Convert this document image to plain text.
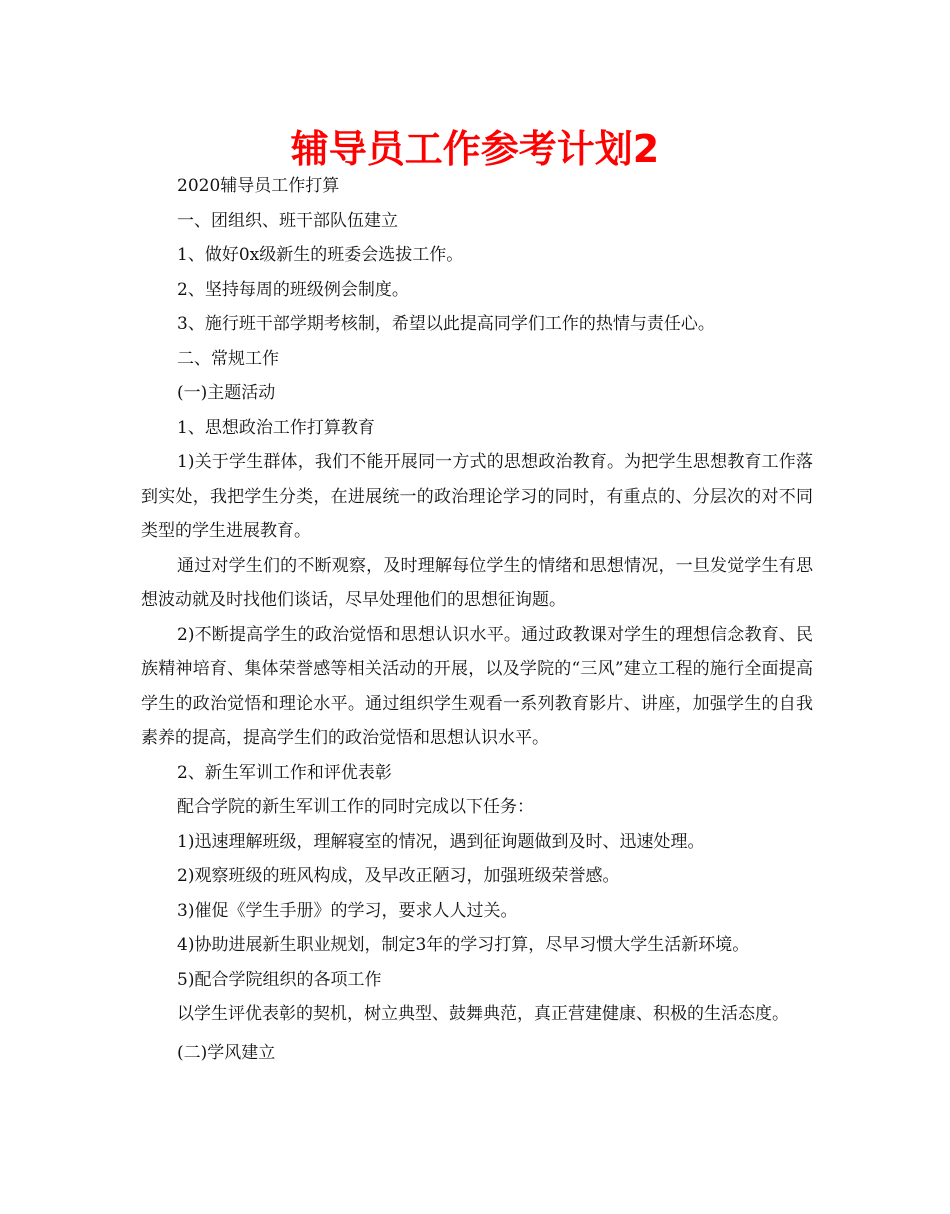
辅导员工作参考计划2

2020辅导员工作打算

一、团组织、班干部队伍建立

1、做好0x级新生的班委会选拔工作。

2、坚持每周的班级例会制度。

3、施行班干部学期考核制，希望以此提高同学们工作的热情与责任心。

二、常规工作

(一)主题活动

1、思想政治工作打算教育

1)关于学生群体，我们不能开展同一方式的思想政治教育。为把学生思想教育工作落到实处，我把学生分类，在进展统一的政治理论学习的同时，有重点的、分层次的对不同类型的学生进展教育。

通过对学生们的不断观察，及时理解每位学生的情绪和思想情况，一旦发觉学生有思想波动就及时找他们谈话，尽早处理他们的思想征询题。

2)不断提高学生的政治觉悟和思想认识水平。通过政教课对学生的理想信念教育、民族精神培育、集体荣誉感等相关活动的开展，以及学院的“三风”建立工程的施行全面提高学生的政治觉悟和理论水平。通过组织学生观看一系列教育影片、讲座，加强学生的自我素养的提高，提高学生们的政治觉悟和思想认识水平。

2、新生军训工作和评优表彰

配合学院的新生军训工作的同时完成以下任务：

1)迅速理解班级，理解寝室的情况，遇到征询题做到及时、迅速处理。

2)观察班级的班风构成，及早改正陋习，加强班级荣誉感。

3)催促《学生手册》的学习，要求人人过关。

4)协助进展新生职业规划，制定3年的学习打算，尽早习惯大学生活新环境。

5)配合学院组织的各项工作

以学生评优表彰的契机，树立典型、鼓舞典范，真正营建健康、积极的生活态度。

(二)学风建立
